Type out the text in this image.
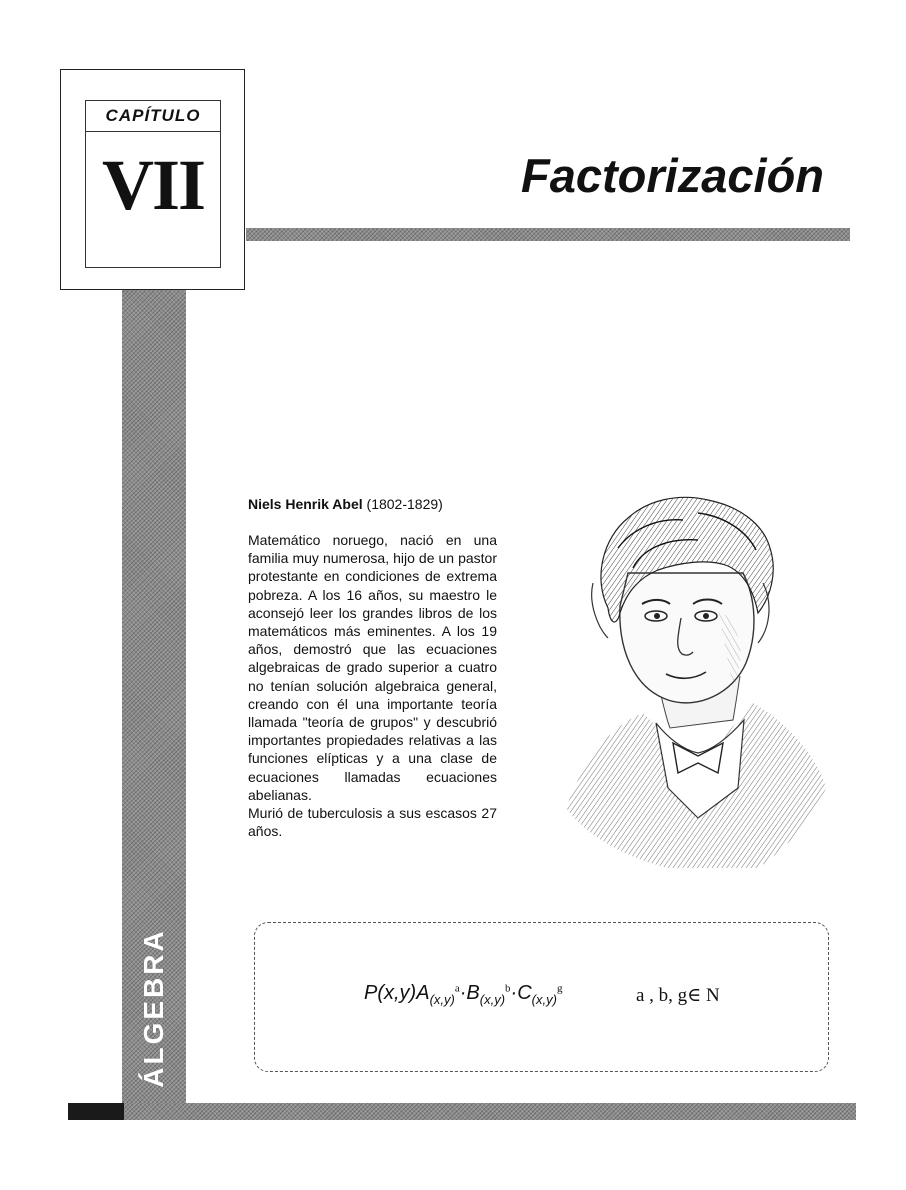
CAPÍTULO
VII	Factorización
ÁLGEBRA
Niels Henrik Abel (1802-1829)

Matemático noruego, nació en una familia muy numerosa, hijo de un pastor protestante en condiciones de extrema pobreza. A los 16 años, su maestro le aconsejó leer los grandes libros de los matemáticos más eminentes. A los 19 años, demostró que las ecuaciones algebraicas de grado superior a cuatro no tenían solución algebraica general, creando con él una importante teoría llamada "teoría de grupos" y descubrió importantes propiedades relativas a las funciones elípticas y a una clase de ecuaciones llamadas ecuaciones abelianas.

Murió de tuberculosis a sus escasos 27 años.

$P(x,y)A_{(x,y)}^a\cdot B_{(x,y)}^b\cdot C_{(x,y)}^g$	a , b, g∈ N
